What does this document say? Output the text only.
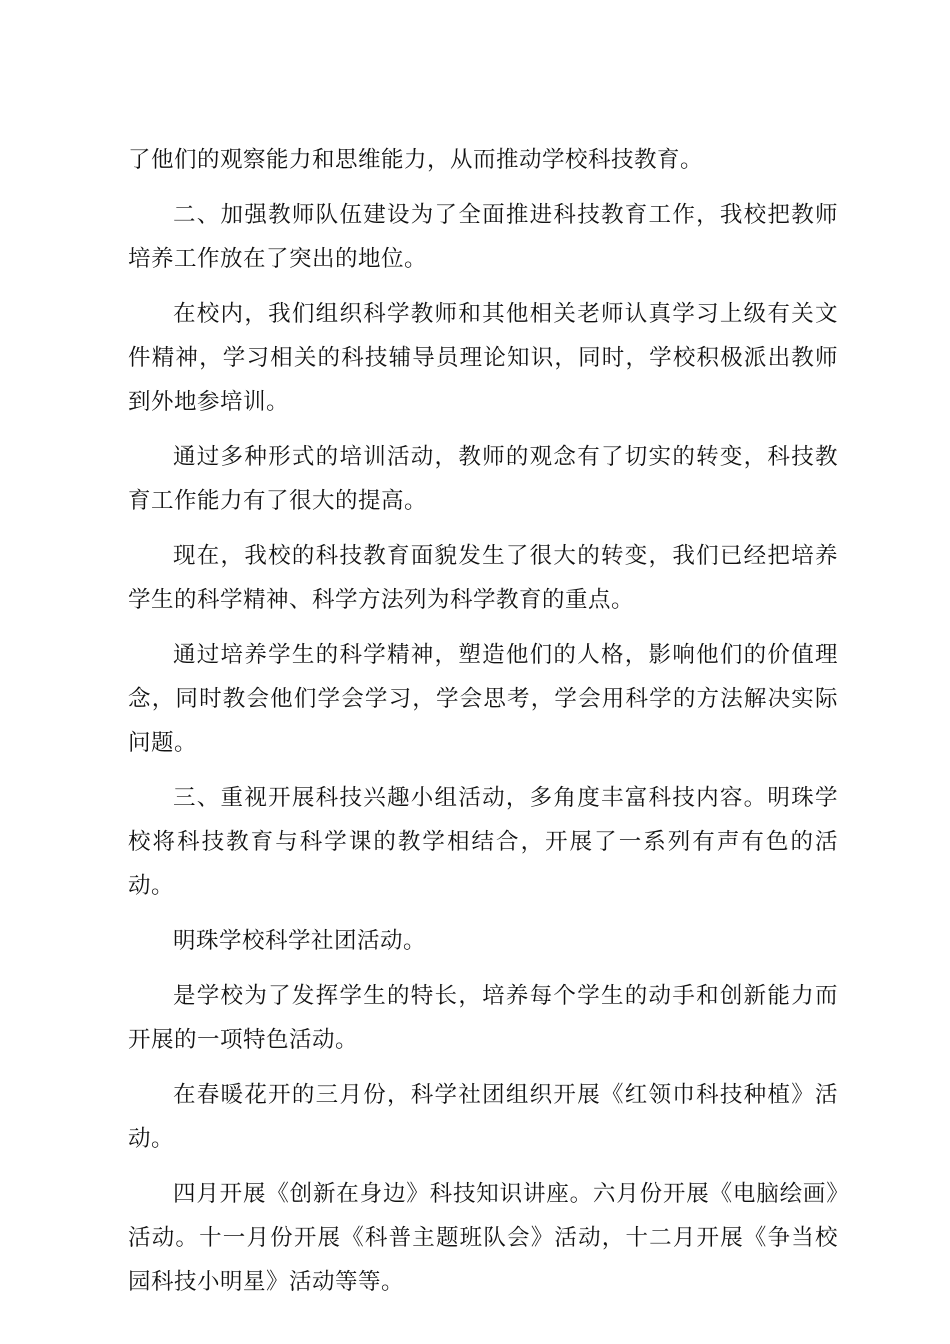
了他们的观察能力和思维能力，从而推动学校科技教育。

二、加强教师队伍建设为了全面推进科技教育工作，我校把教师培养工作放在了突出的地位。

在校内，我们组织科学教师和其他相关老师认真学习上级有关文件精神，学习相关的科技辅导员理论知识，同时，学校积极派出教师到外地参培训。

通过多种形式的培训活动，教师的观念有了切实的转变，科技教育工作能力有了很大的提高。

现在，我校的科技教育面貌发生了很大的转变，我们已经把培养学生的科学精神、科学方法列为科学教育的重点。

通过培养学生的科学精神，塑造他们的人格，影响他们的价值理念，同时教会他们学会学习，学会思考，学会用科学的方法解决实际问题。

三、重视开展科技兴趣小组活动，多角度丰富科技内容。明珠学校将科技教育与科学课的教学相结合，开展了一系列有声有色的活动。

明珠学校科学社团活动。

是学校为了发挥学生的特长，培养每个学生的动手和创新能力而开展的一项特色活动。

在春暖花开的三月份，科学社团组织开展《红领巾科技种植》活动。

四月开展《创新在身边》科技知识讲座。六月份开展《电脑绘画》活动。十一月份开展《科普主题班队会》活动，十二月开展《争当校园科技小明星》活动等等。
